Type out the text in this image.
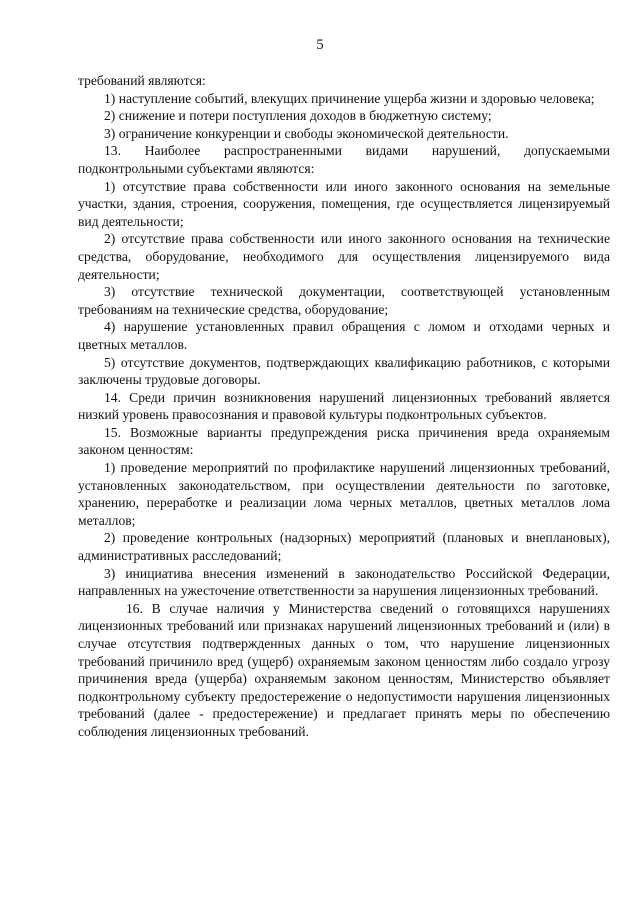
5

требований являются:

1) наступление событий, влекущих причинение ущерба жизни и здоровью человека;

2) снижение и потери поступления доходов в бюджетную систему;

3) ограничение конкуренции и свободы экономической деятельности.

13. Наиболее распространенными видами нарушений, допускаемыми подконтрольными субъектами являются:

1) отсутствие права собственности или иного законного основания на земельные участки, здания, строения, сооружения, помещения, где осуществляется лицензируемый вид деятельности;

2) отсутствие права собственности или иного законного основания на технические средства, оборудование, необходимого для осуществления лицензируемого вида деятельности;

3) отсутствие технической документации, соответствующей установленным требованиям на технические средства, оборудование;

4) нарушение установленных правил обращения с ломом и отходами черных и цветных металлов.

5) отсутствие документов, подтверждающих квалификацию работников, с которыми заключены трудовые договоры.

14. Среди причин возникновения нарушений лицензионных требований является низкий уровень правосознания и правовой культуры подконтрольных субъектов.

15. Возможные варианты предупреждения риска причинения вреда охраняемым законом ценностям:

1) проведение мероприятий по профилактике нарушений лицензионных требований, установленных законодательством, при осуществлении деятельности по заготовке, хранению, переработке и реализации лома черных металлов, цветных металлов лома металлов;

2) проведение контрольных (надзорных) мероприятий (плановых и внеплановых), административных расследований;

3) инициатива внесения изменений в законодательство Российской Федерации, направленных на ужесточение ответственности за нарушения лицензионных требований.

16. В случае наличия у Министерства сведений о готовящихся нарушениях лицензионных требований или признаках нарушений лицензионных требований и (или) в случае отсутствия подтвержденных данных о том, что нарушение лицензионных требований причинило вред (ущерб) охраняемым законом ценностям либо создало угрозу причинения вреда (ущерба) охраняемым законом ценностям, Министерство объявляет подконтрольному субъекту предостережение о недопустимости нарушения лицензионных требований (далее - предостережение) и предлагает принять меры по обеспечению соблюдения лицензионных требований.
